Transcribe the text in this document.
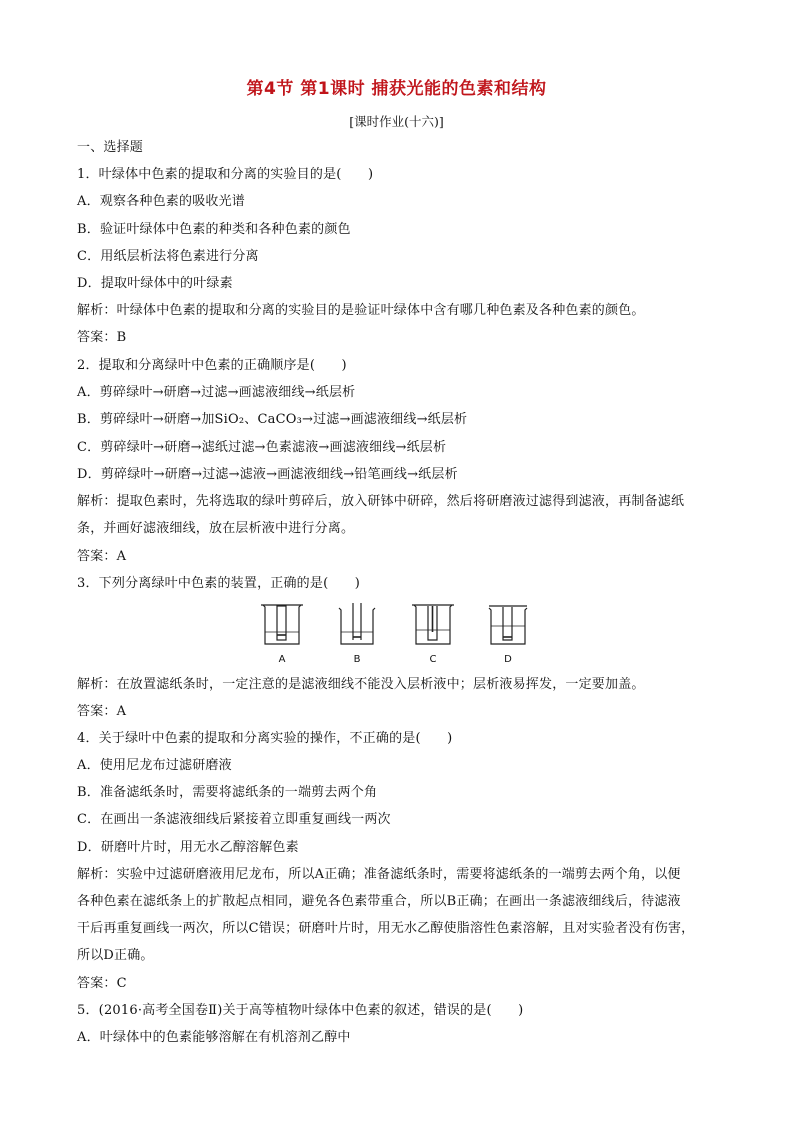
第4节 第1课时 捕获光能的色素和结构
[课时作业(十六)]
一、选择题
1．叶绿体中色素的提取和分离的实验目的是(　　)
A．观察各种色素的吸收光谱
B．验证叶绿体中色素的种类和各种色素的颜色
C．用纸层析法将色素进行分离
D．提取叶绿体中的叶绿素
解析：叶绿体中色素的提取和分离的实验目的是验证叶绿体中含有哪几种色素及各种色素的颜色。
答案：B
2．提取和分离绿叶中色素的正确顺序是(　　)
A．剪碎绿叶→研磨→过滤→画滤液细线→纸层析
B．剪碎绿叶→研磨→加SiO₂、CaCO₃→过滤→画滤液细线→纸层析
C．剪碎绿叶→研磨→滤纸过滤→色素滤液→画滤液细线→纸层析
D．剪碎绿叶→研磨→过滤→滤液→画滤液细线→铅笔画线→纸层析
解析：提取色素时，先将选取的绿叶剪碎后，放入研钵中研碎，然后将研磨液过滤得到滤液，再制备滤纸
条，并画好滤液细线，放在层析液中进行分离。
答案：A
3．下列分离绿叶中色素的装置，正确的是(　　)
A	B	C	D
解析：在放置滤纸条时，一定注意的是滤液细线不能没入层析液中；层析液易挥发，一定要加盖。
答案：A
4．关于绿叶中色素的提取和分离实验的操作，不正确的是(　　)
A．使用尼龙布过滤研磨液
B．准备滤纸条时，需要将滤纸条的一端剪去两个角
C．在画出一条滤液细线后紧接着立即重复画线一两次
D．研磨叶片时，用无水乙醇溶解色素
解析：实验中过滤研磨液用尼龙布，所以A正确；准备滤纸条时，需要将滤纸条的一端剪去两个角，以便
各种色素在滤纸条上的扩散起点相同，避免各色素带重合，所以B正确；在画出一条滤液细线后，待滤液
干后再重复画线一两次，所以C错误；研磨叶片时，用无水乙醇使脂溶性色素溶解，且对实验者没有伤害，
所以D正确。
答案：C
5．(2016·高考全国卷Ⅱ)关于高等植物叶绿体中色素的叙述，错误的是(　　)
A．叶绿体中的色素能够溶解在有机溶剂乙醇中
